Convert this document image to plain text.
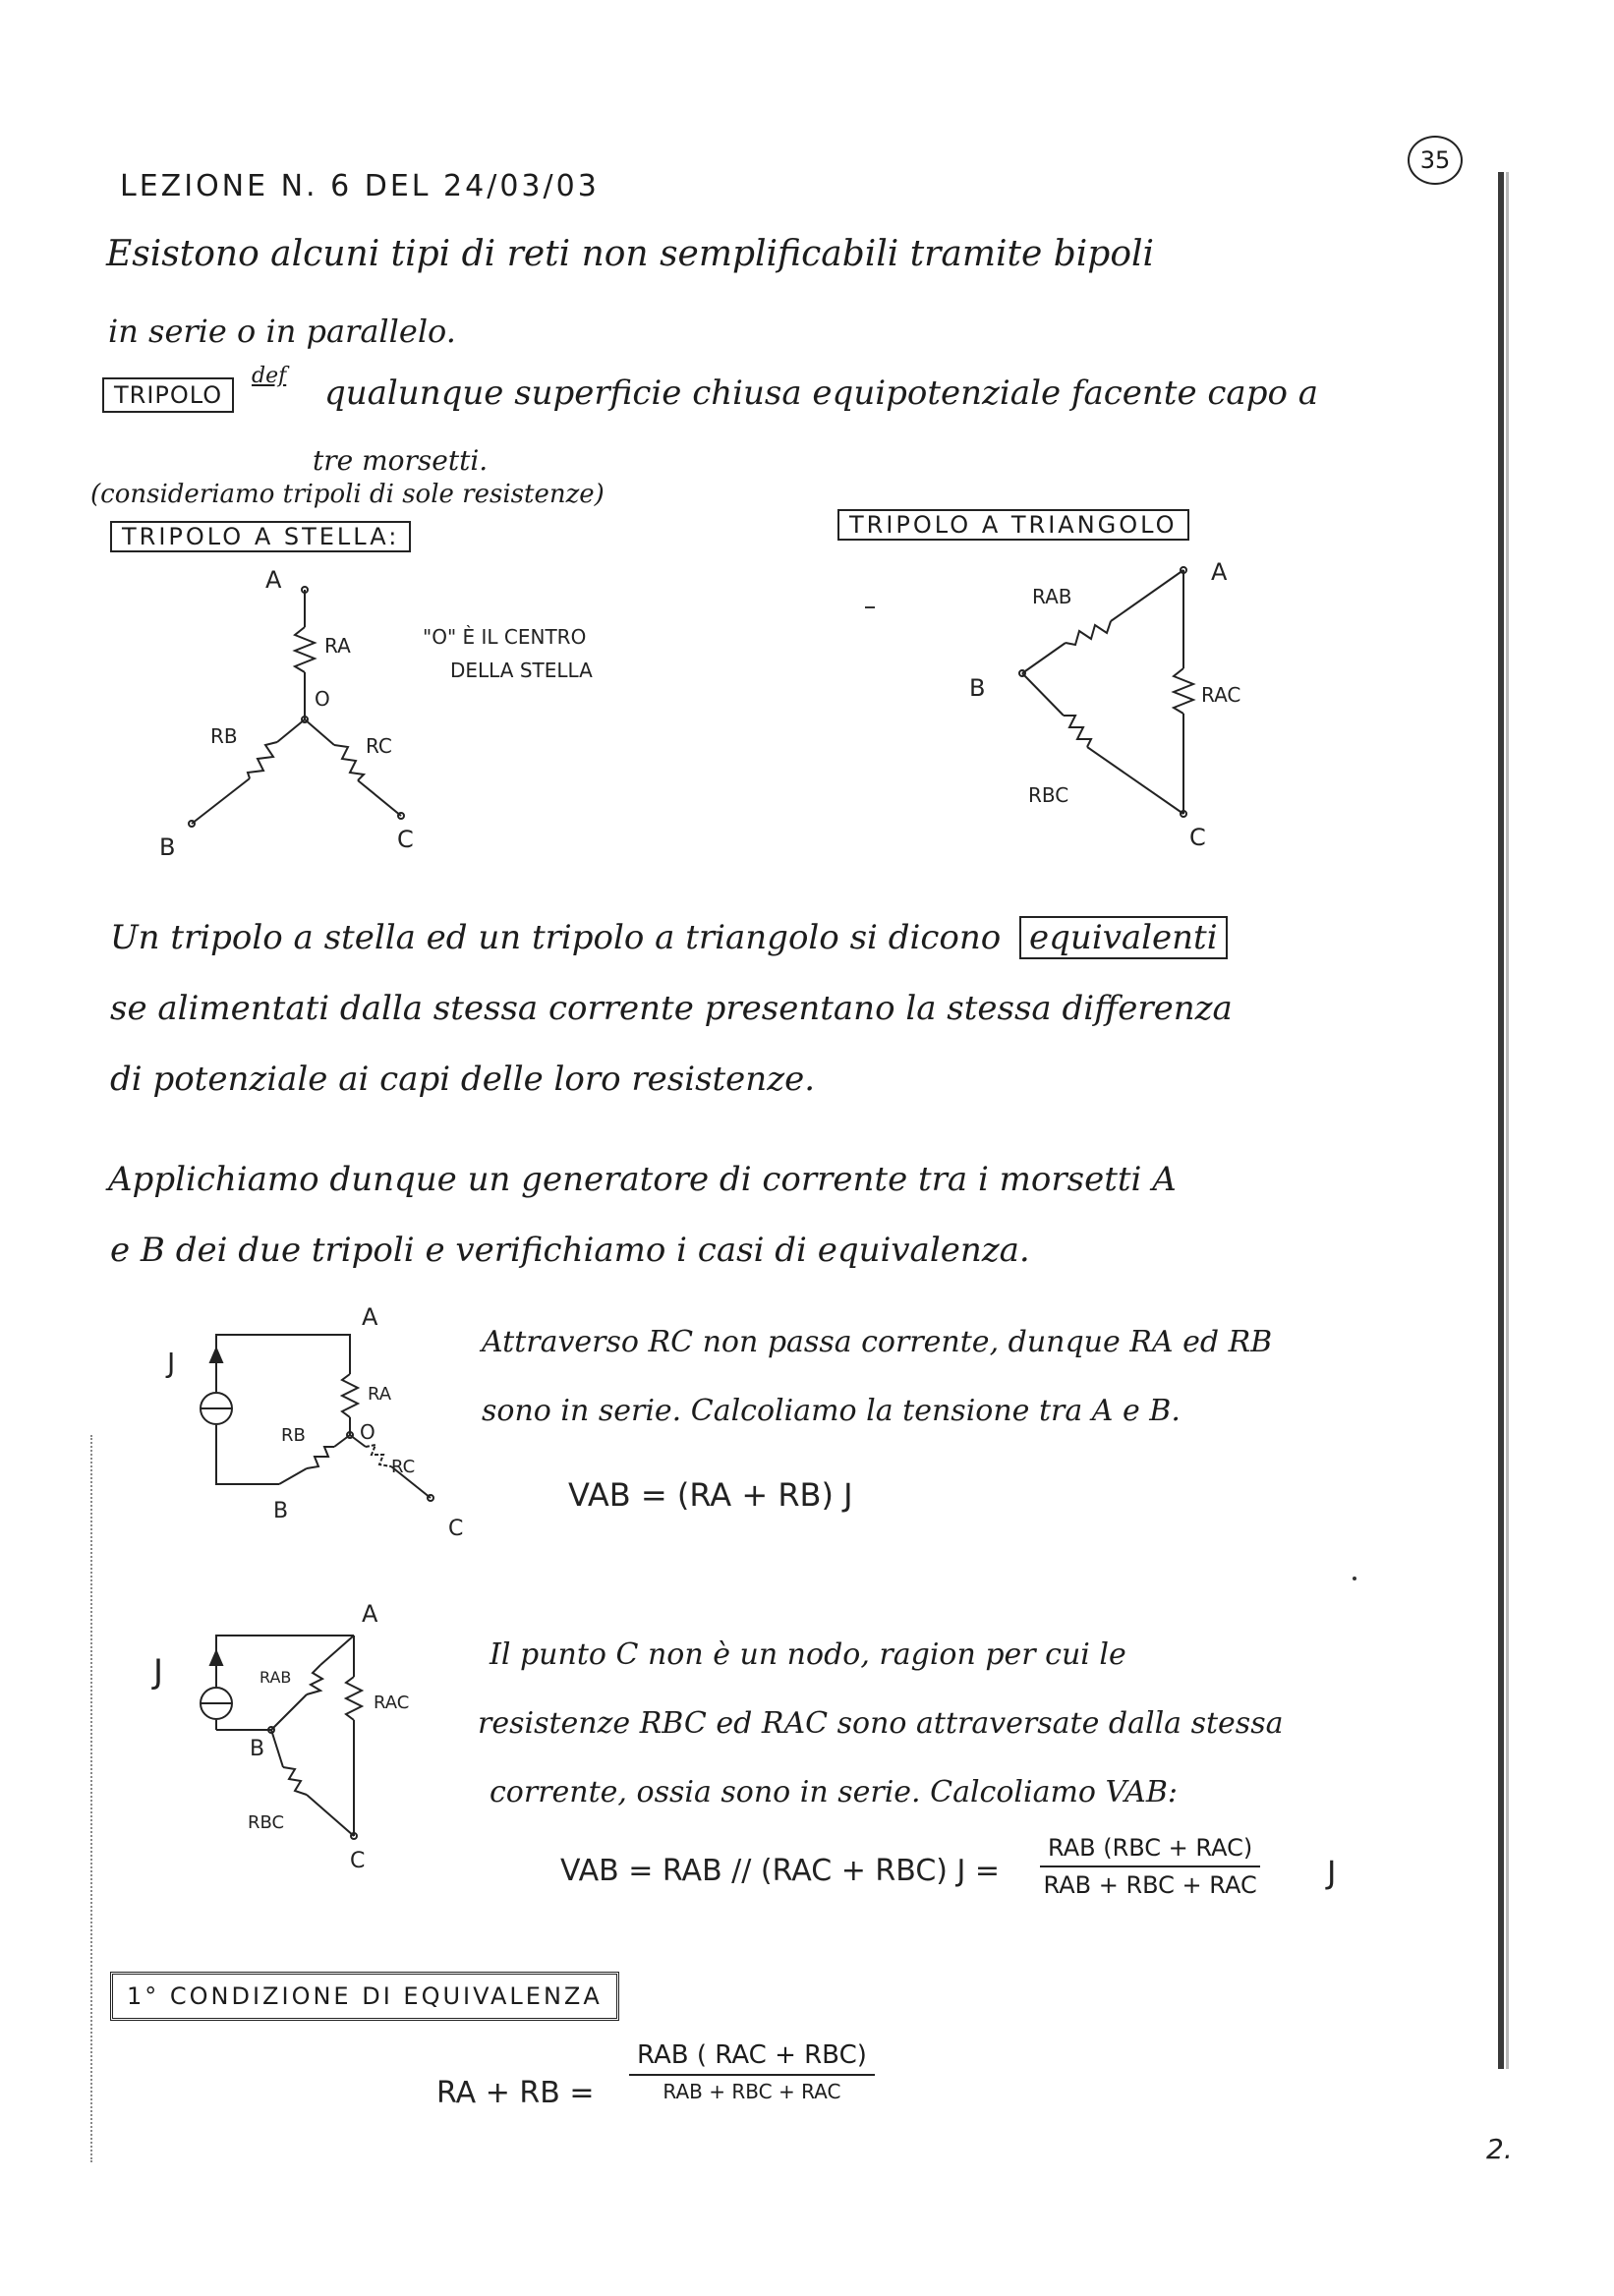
35
LEZIONE N. 6 DEL 24/03/03
Esistono alcuni tipi di reti non semplificabili tramite bipoli
in serie o in parallelo.
TRIPOLO
def qualunque superficie chiusa equipotenziale facente capo a
tre morsetti.
(consideriamo tripoli di sole resistenze)
TRIPOLO A STELLA:
A
RA
O
RB	RC
B	C
"O" È IL CENTRO
DELLA STELLA
TRIPOLO A TRIANGOLO
A
RAB
RAC
B
RBC
C
Un tripolo a stella ed un tripolo a triangolo si dicono equivalenti
se alimentati dalla stessa corrente presentano la stessa differenza
di potenziale ai capi delle loro resistenze.
Applichiamo dunque un generatore di corrente tra i morsetti A
e B dei due tripoli e verifichiamo i casi di equivalenza.
A
J
RA
O
RB
RC
B
C
Attraverso RC non passa corrente, dunque RA ed RB
sono in serie. Calcoliamo la tensione tra A e B.
VAB = (RA + RB) J
A
J	RAB
RAC
B
RBC
C
Il punto C non è un nodo, ragion per cui le
resistenze RBC ed RAC sono attraversate dalla stessa
corrente, ossia sono in serie. Calcoliamo VAB:
VAB = RAB // (RAC + RBC) J =
RAB (RBC + RAC)
RAB + RBC + RAC J
1° CONDIZIONE DI EQUIVALENZA
RA + RB =
RAB ( RAC + RBC)
RAB + RBC + RAC
2.
